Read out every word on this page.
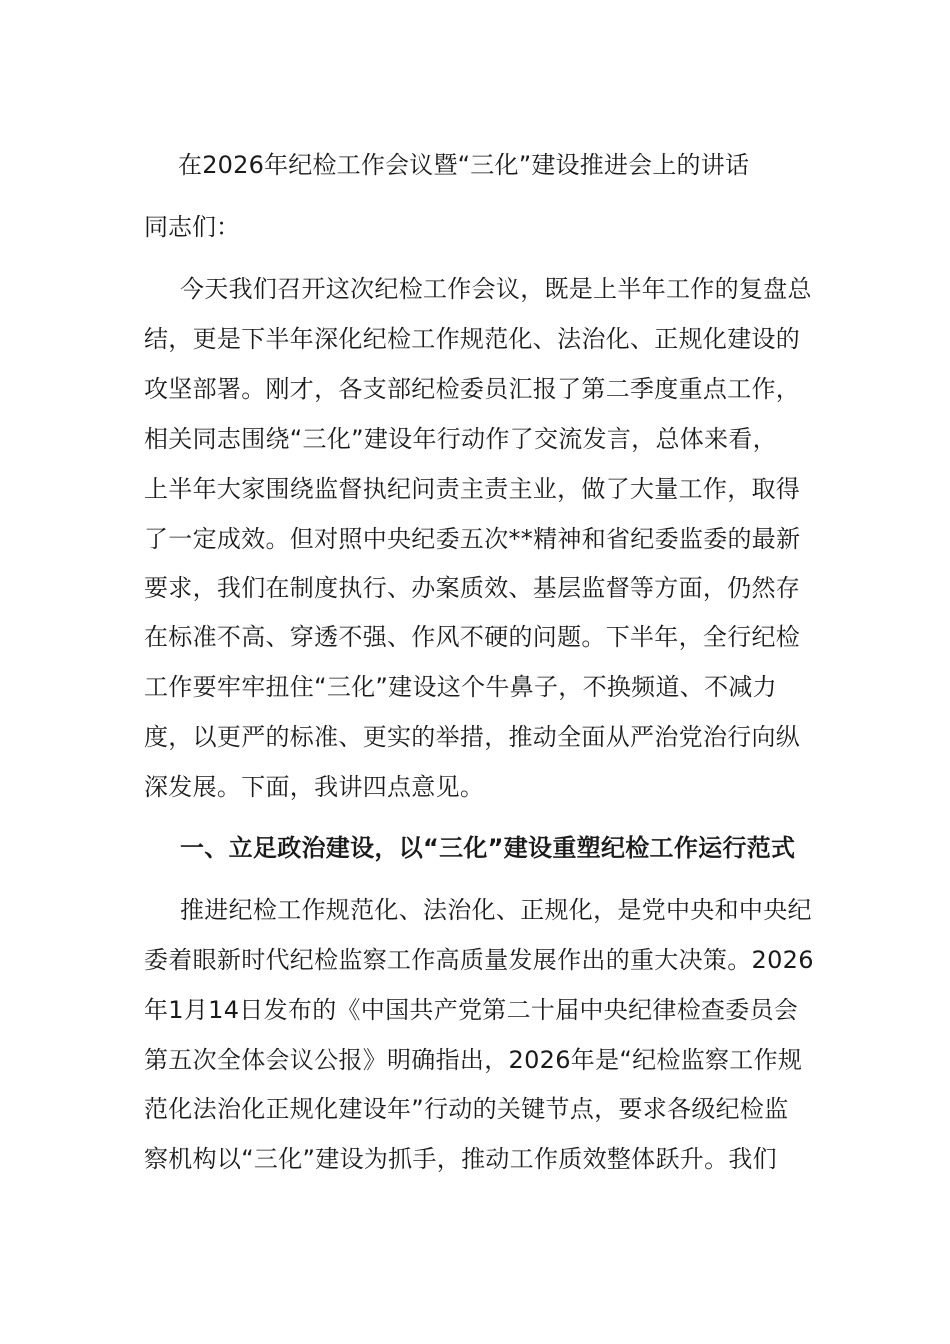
在2026年纪检工作会议暨“三化”建设推进会上的讲话
同志们：
今天我们召开这次纪检工作会议，既是上半年工作的复盘总
结，更是下半年深化纪检工作规范化、法治化、正规化建设的
攻坚部署。刚才，各支部纪检委员汇报了第二季度重点工作，
相关同志围绕“三化”建设年行动作了交流发言，总体来看，
上半年大家围绕监督执纪问责主责主业，做了大量工作，取得
了一定成效。但对照中央纪委五次**精神和省纪委监委的最新
要求，我们在制度执行、办案质效、基层监督等方面，仍然存
在标准不高、穿透不强、作风不硬的问题。下半年，全行纪检
工作要牢牢扭住“三化”建设这个牛鼻子，不换频道、不减力
度，以更严的标准、更实的举措，推动全面从严治党治行向纵
深发展。下面，我讲四点意见。
一、立足政治建设，以“三化”建设重塑纪检工作运行范式
推进纪检工作规范化、法治化、正规化，是党中央和中央纪
委着眼新时代纪检监察工作高质量发展作出的重大决策。2026
年1月14日发布的《中国共产党第二十届中央纪律检查委员会
第五次全体会议公报》明确指出，2026年是“纪检监察工作规
范化法治化正规化建设年”行动的关键节点，要求各级纪检监
察机构以“三化”建设为抓手，推动工作质效整体跃升。我们
